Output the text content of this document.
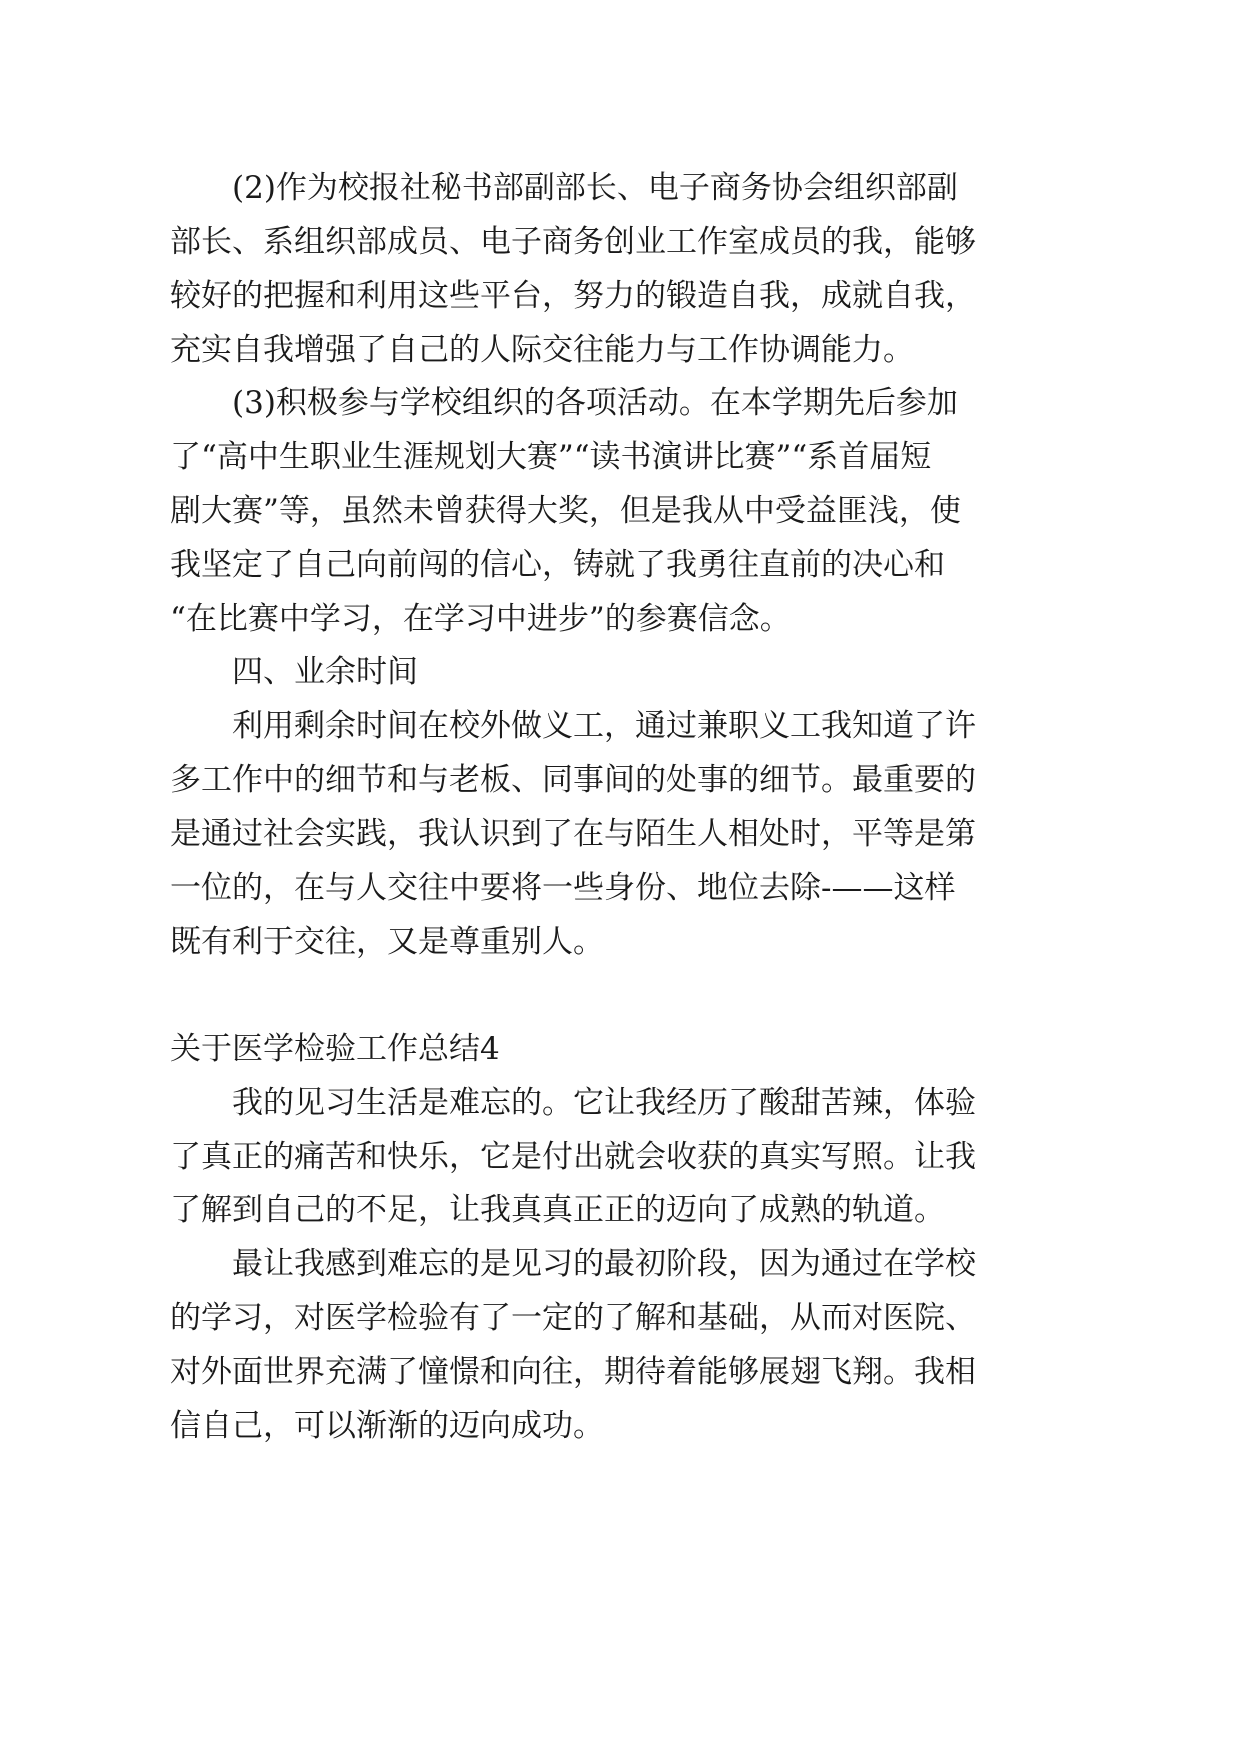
(2)作为校报社秘书部副部长、电子商务协会组织部副
部长、系组织部成员、电子商务创业工作室成员的我，能够
较好的把握和利用这些平台，努力的锻造自我，成就自我，
充实自我增强了自己的人际交往能力与工作协调能力。
(3)积极参与学校组织的各项活动。在本学期先后参加
了“高中生职业生涯规划大赛”“读书演讲比赛”“系首届短
剧大赛”等，虽然未曾获得大奖，但是我从中受益匪浅，使
我坚定了自己向前闯的信心，铸就了我勇往直前的决心和
“在比赛中学习，在学习中进步”的参赛信念。
四、业余时间
利用剩余时间在校外做义工，通过兼职义工我知道了许
多工作中的细节和与老板、同事间的处事的细节。最重要的
是通过社会实践，我认识到了在与陌生人相处时，平等是第
一位的，在与人交往中要将一些身份、地位去除-——这样
既有利于交往，又是尊重别人。
关于医学检验工作总结4
我的见习生活是难忘的。它让我经历了酸甜苦辣，体验
了真正的痛苦和快乐，它是付出就会收获的真实写照。让我
了解到自己的不足，让我真真正正的迈向了成熟的轨道。
最让我感到难忘的是见习的最初阶段，因为通过在学校
的学习，对医学检验有了一定的了解和基础，从而对医院、
对外面世界充满了憧憬和向往，期待着能够展翅飞翔。我相
信自己，可以渐渐的迈向成功。
